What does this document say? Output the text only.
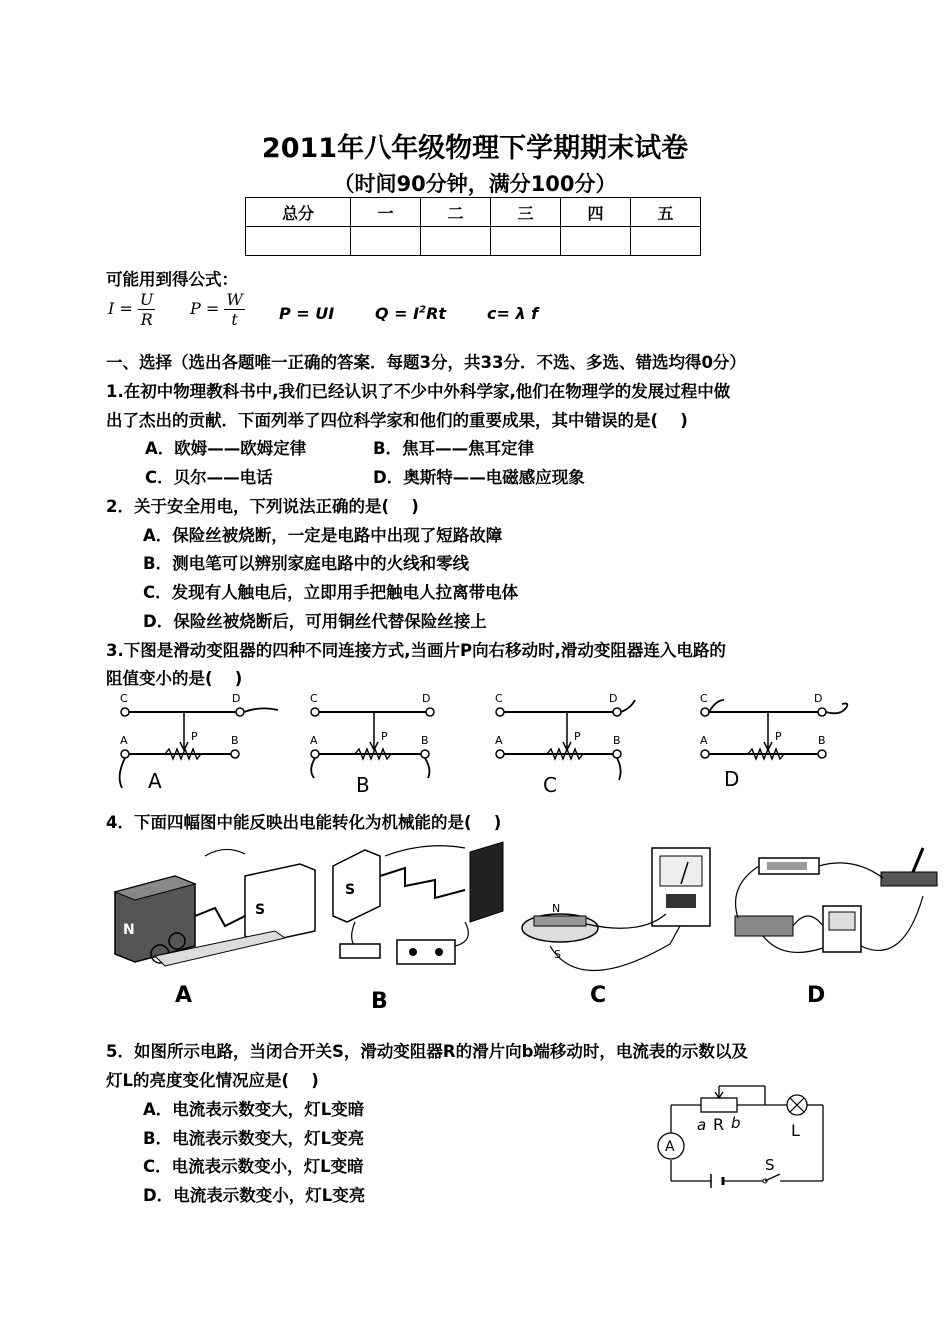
2011年八年级物理下学期期末试卷
（时间90分钟，满分100分）
总分	一	二	三	四	五

可能用到得公式：
$I = \frac{U}{R}$ $P = \frac{W}{t}$ P = UI	$Q = I^2Rt$	c= λ f
一、选择（选出各题唯一正确的答案．每题3分，共33分．不选、多选、错选均得0分）
1.在初中物理教科书中,我们已经认识了不少中外科学家,他们在物理学的发展过程中做
出了杰出的贡献．下面列举了四位科学家和他们的重要成果，其中错误的是(　 )
A．欧姆——欧姆定律	B．焦耳——焦耳定律
C．贝尔——电话	D．奥斯特——电磁感应现象
2．关于安全用电，下列说法正确的是(　 )
A．保险丝被烧断，一定是电路中出现了短路故障
B．测电笔可以辨别家庭电路中的火线和零线
C．发现有人触电后，立即用手把触电人拉离带电体
D．保险丝被烧断后，可用铜丝代替保险丝接上
3.下图是滑动变阻器的四种不同连接方式,当画片P向右移动时,滑动变阻器连入电路的
阻值变小的是(　 )
C	D
A	B
P
A
C	D
A	B
P
B
C	D
A	B
P
C
C	D
A	B
P
D
4．下面四幅图中能反映出电能转化为机械能的是(　 )
N
S
A
S
B
N
S
C	D
5．如图所示电路，当闭合开关S，滑动变阻器R的滑片向b端移动时，电流表的示数以及
灯L的亮度变化情况应是(　 )
A．电流表示数变大，灯L变暗
B．电流表示数变大，灯L变亮
C．电流表示数变小，灯L变暗
D．电流表示数变小，灯L变亮
A
a R b	L
S
